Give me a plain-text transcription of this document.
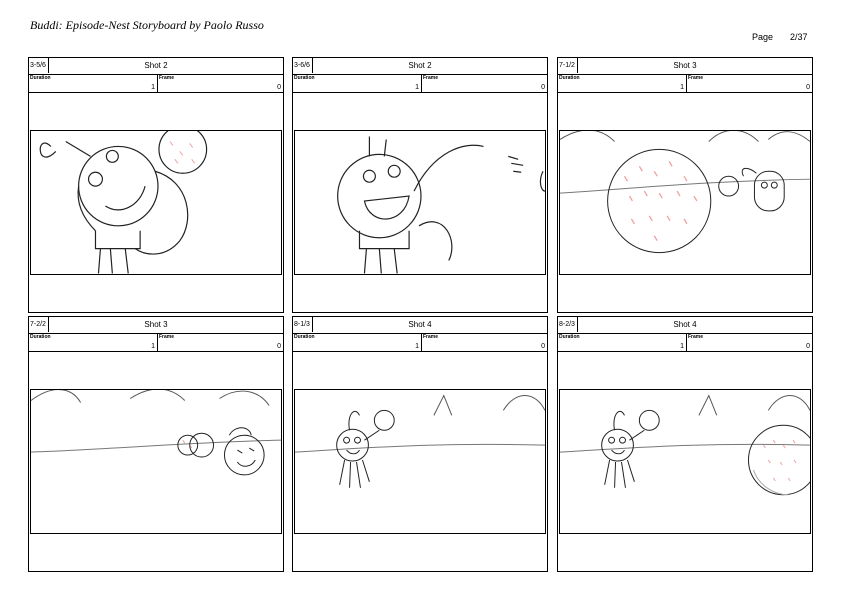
Buddi: Episode-Nest Storyboard by Paolo Russo
Page 2/37
Shot 2
3-5/6
Duration
1
Frame
0
Shot 2
3-6/6
Duration
1
Frame
0
Shot 3
7-1/2
Duration
1
Frame
0
Shot 3
7-2/2
Duration
1
Frame
0
Shot 4
8-1/3
Duration
1
Frame
0
Shot 4
8-2/3
Duration
1
Frame
0
